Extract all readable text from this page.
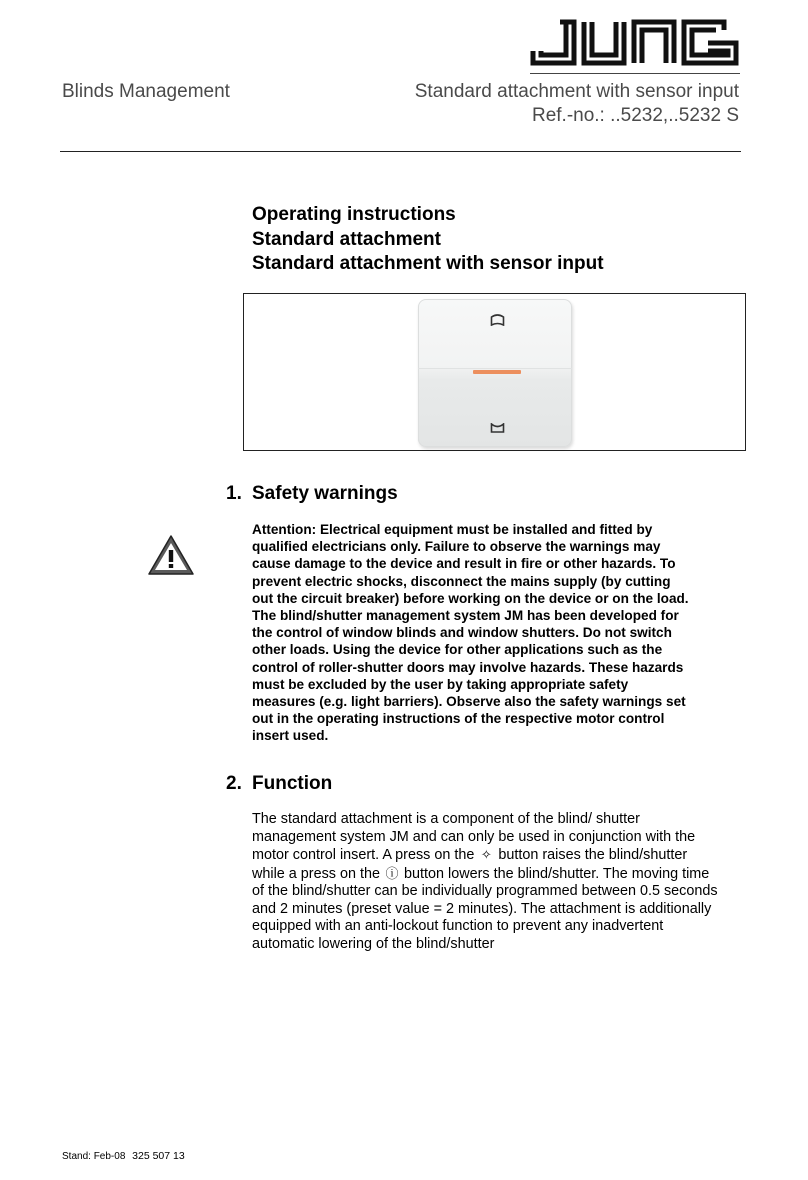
Blinds Management	Standard attachment with sensor input
Ref.-no.: ..5232,..5232 S
Operating instructions
Standard attachment
Standard attachment with sensor input
1. Safety warnings
Attention: Electrical equipment must be installed and fitted by
qualified electricians only. Failure to observe the warnings may
cause damage to the device and result in fire or other hazards. To
prevent electric shocks, disconnect the mains supply (by cutting
out the circuit breaker) before working on the device or on the load.
The blind/shutter management system JM has been developed for
the control of window blinds and window shutters. Do not switch
other loads. Using the device for other applications such as the
control of roller-shutter doors may involve hazards. These hazards
must be excluded by the user by taking appropriate safety
measures (e.g. light barriers). Observe also the safety warnings set
out in the operating instructions of the respective motor control
insert used.
2. Function
The standard attachment is a component of the blind/ shutter
management system JM and can only be used in conjunction with the
motor control insert. A press on the ✧ button raises the blind/shutter
while a press on the ⓘ button lowers the blind/shutter. The moving time
of the blind/shutter can be individually programmed between 0.5 seconds
and 2 minutes (preset value = 2 minutes). The attachment is additionally
equipped with an anti-lockout function to prevent any inadvertent
automatic lowering of the blind/shutter
Stand: Feb-08 325 507 13
